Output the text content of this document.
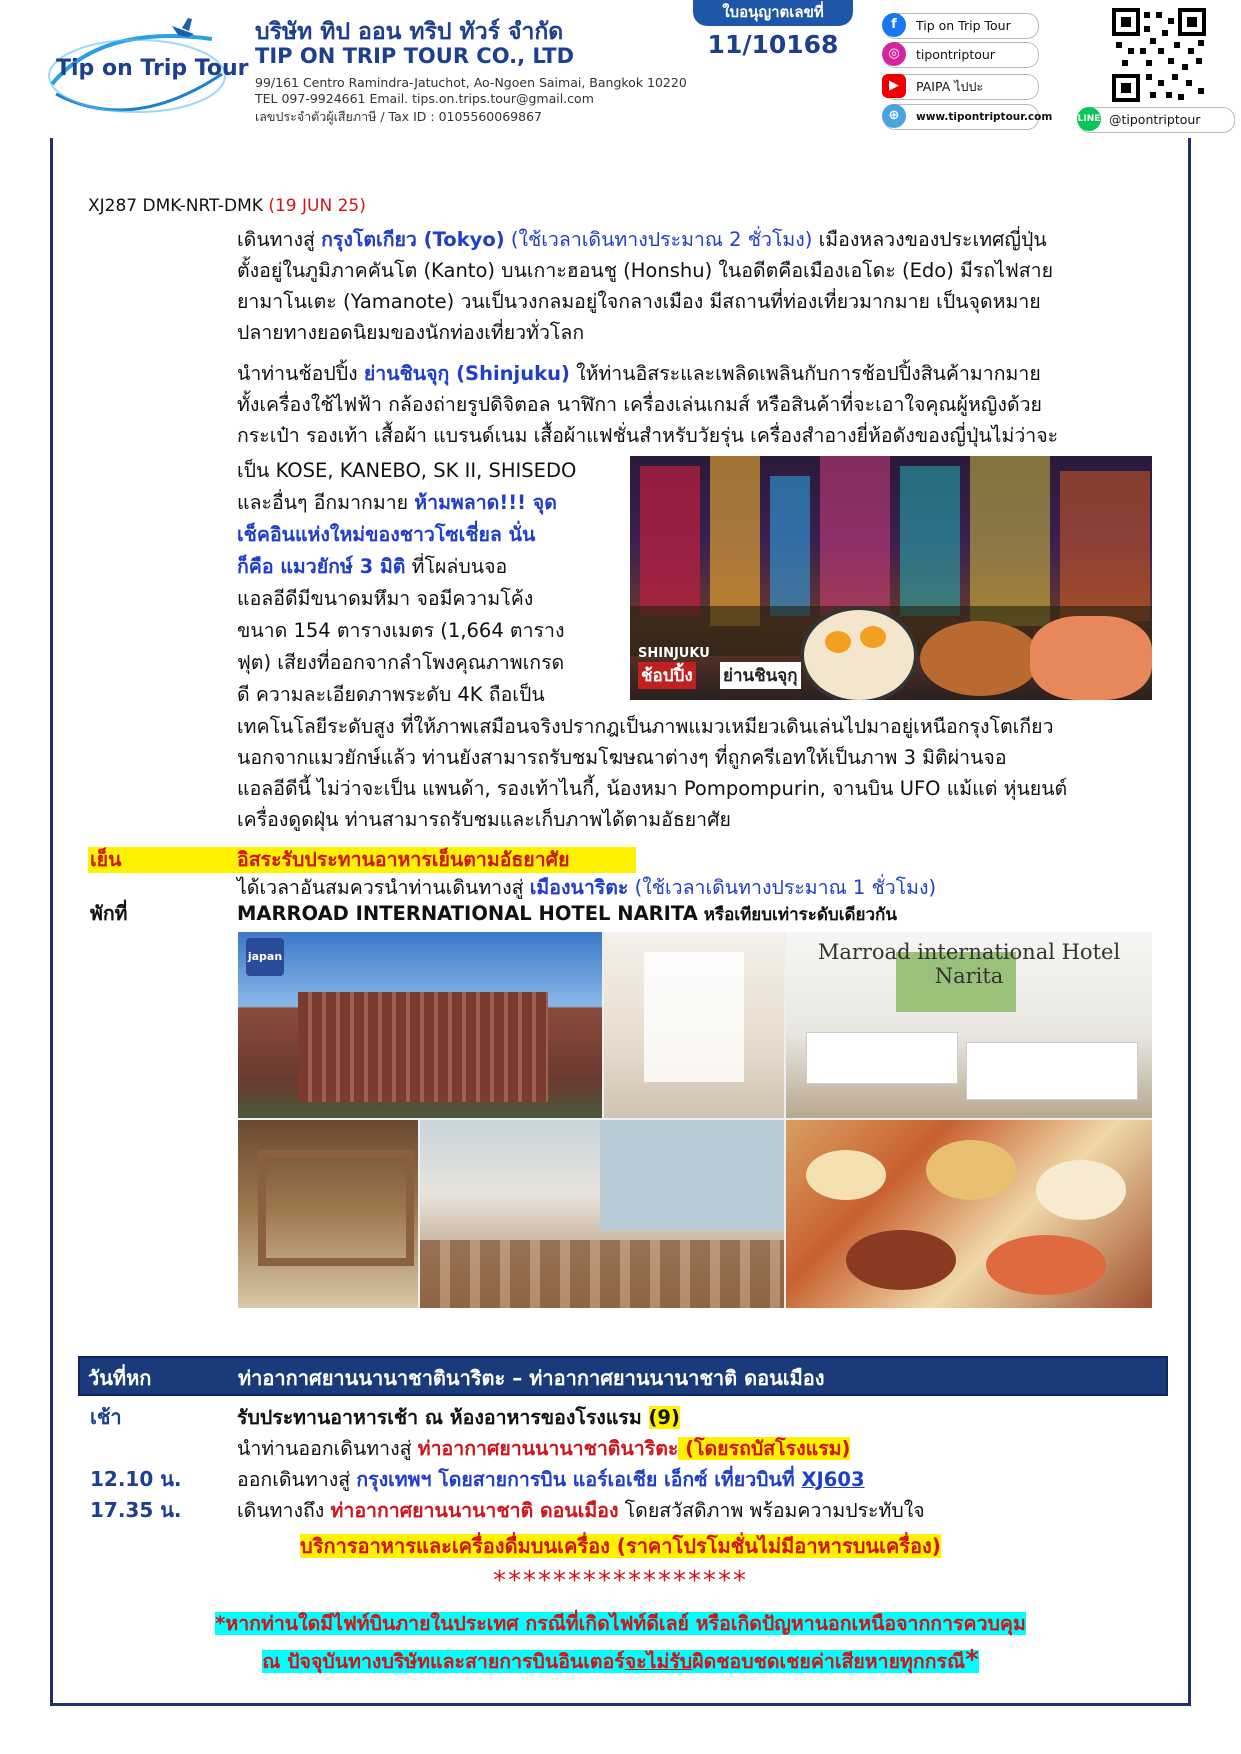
Tip on Trip Tour
บริษัท ทิป ออน ทริป ทัวร์ จำกัด
TIP ON TRIP TOUR CO., LTD
99/161 Centro Ramindra-Jatuchot, Ao-Ngoen Saimai, Bangkok 10220
TEL 097-9924661 Email. tips.on.trips.tour@gmail.com
เลขประจำตัวผู้เสียภาษี / Tax ID : 0105560069867
ใบอนุญาตเลขที่
11/10168
f	Tip on Trip Tour
◎	tipontriptour
▶	PAIPA ไปปะ
⊕	www.tipontriptour.com	LINE @tipontriptour
XJ287 DMK-NRT-DMK (19 JUN 25)
เดินทางสู่ กรุงโตเกียว (Tokyo) (ใช้เวลาเดินทางประมาณ 2 ชั่วโมง) เมืองหลวงของประเทศญี่ปุ่น
ตั้งอยู่ในภูมิภาคคันโต (Kanto) บนเกาะฮอนชู (Honshu) ในอดีตคือเมืองเอโดะ (Edo) มีรถไฟสาย
ยามาโนเตะ (Yamanote) วนเป็นวงกลมอยู่ใจกลางเมือง มีสถานที่ท่องเที่ยวมากมาย เป็นจุดหมาย
ปลายทางยอดนิยมของนักท่องเที่ยวทั่วโลก
นำท่านช้อปปิ้ง ย่านชินจุกุ (Shinjuku) ให้ท่านอิสระและเพลิดเพลินกับการช้อปปิ้งสินค้ามากมาย
ทั้งเครื่องใช้ไฟฟ้า กล้องถ่ายรูปดิจิตอล นาฬิกา เครื่องเล่นเกมส์ หรือสินค้าที่จะเอาใจคุณผู้หญิงด้วย
กระเป๋า รองเท้า เสื้อผ้า แบรนด์เนม เสื้อผ้าแฟชั่นสำหรับวัยรุ่น เครื่องสำอางยี่ห้อดังของญี่ปุ่นไม่ว่าจะ
เป็น KOSE, KANEBO, SK II, SHISEDO
และอื่นๆ อีกมากมาย ห้ามพลาด!!! จุด
เช็คอินแห่งใหม่ของชาวโซเชี่ยล นั่น
ก็คือ แมวยักษ์ 3 มิติ ที่โผล่บนจอ
แอลอีดีมีขนาดมหึมา จอมีความโค้ง
ขนาด 154 ตารางเมตร (1,664 ตาราง
ฟุต) เสียงที่ออกจากลำโพงคุณภาพเกรด
ดี ความละเอียดภาพระดับ 4K ถือเป็น
SHINJUKU
ช้อปปิ้ง ย่านชินจุกุ
เทคโนโลยีระดับสูง ที่ให้ภาพเสมือนจริงปรากฎเป็นภาพแมวเหมียวเดินเล่นไปมาอยู่เหนือกรุงโตเกียว
นอกจากแมวยักษ์แล้ว ท่านยังสามารถรับชมโฆษณาต่างๆ ที่ถูกครีเอทให้เป็นภาพ 3 มิติผ่านจอ
แอลอีดีนี้ ไม่ว่าจะเป็น แพนด้า, รองเท้าไนกี้, น้องหมา Pompompurin, จานบิน UFO แม้แต่ หุ่นยนต์
เครื่องดูดฝุ่น ท่านสามารถรับชมและเก็บภาพได้ตามอัธยาศัย
เย็น	อิสระรับประทานอาหารเย็นตามอัธยาศัย
ได้เวลาอันสมควรนำท่านเดินทางสู่ เมืองนาริตะ (ใช้เวลาเดินทางประมาณ 1 ชั่วโมง)
พักที่	MARROAD INTERNATIONAL HOTEL NARITA หรือเทียบเท่าระดับเดียวกัน
japan	Marroad international Hotel Narita
วันที่หก	ท่าอากาศยานนานาชาตินาริตะ – ท่าอากาศยานนานาชาติ ดอนเมือง
เช้า	รับประทานอาหารเช้า ณ ห้องอาหารของโรงแรม (9)
นำท่านออกเดินทางสู่ ท่าอากาศยานนานาชาตินาริตะ (โดยรถบัสโรงแรม)
12.10 น.	ออกเดินทางสู่ กรุงเทพฯ โดยสายการบิน แอร์เอเชีย เอ็กซ์ เที่ยวบินที่ XJ603
17.35 น.	เดินทางถึง ท่าอากาศยานนานาชาติ ดอนเมือง โดยสวัสดิภาพ พร้อมความประทับใจ
บริการอาหารและเครื่องดื่มบนเครื่อง (ราคาโปรโมชั่นไม่มีอาหารบนเครื่อง)
*****************
*หากท่านใดมีไฟท์บินภายในประเทศ กรณีที่เกิดไฟท์ดีเลย์ หรือเกิดปัญหานอกเหนือจากการควบคุม
ณ ปัจจุบันทางบริษัทและสายการบินอินเตอร์จะไม่รับผิดชอบชดเชยค่าเสียหายทุกกรณี*
